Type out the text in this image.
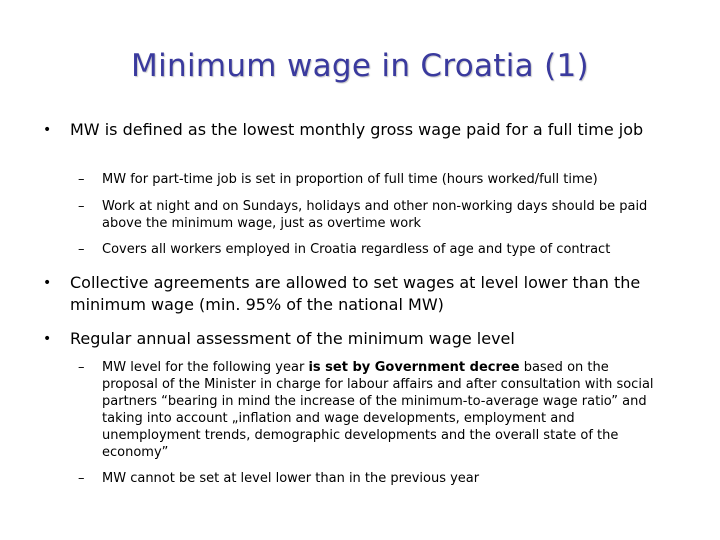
Minimum wage in Croatia (1)
• MW is defined as the lowest monthly gross wage paid for a full time job
– MW for part-time job is set in proportion of full time (hours worked/full time)
– Work at night and on Sundays, holidays and other non-working days should be paid above the minimum wage, just as overtime work
– Covers all workers employed in Croatia regardless of age and type of contract
• Collective agreements are allowed to set wages at level lower than the minimum wage (min. 95% of the national MW)
• Regular annual assessment of the minimum wage level
– MW level for the following year is set by Government decree based on the proposal of the Minister in charge for labour affairs and after consultation with social partners “bearing in mind the increase of the minimum-to-average wage ratio” and taking into account „inflation and wage developments, employment and unemployment trends, demographic developments and the overall state of the economy”
– MW cannot be set at level lower than in the previous year
